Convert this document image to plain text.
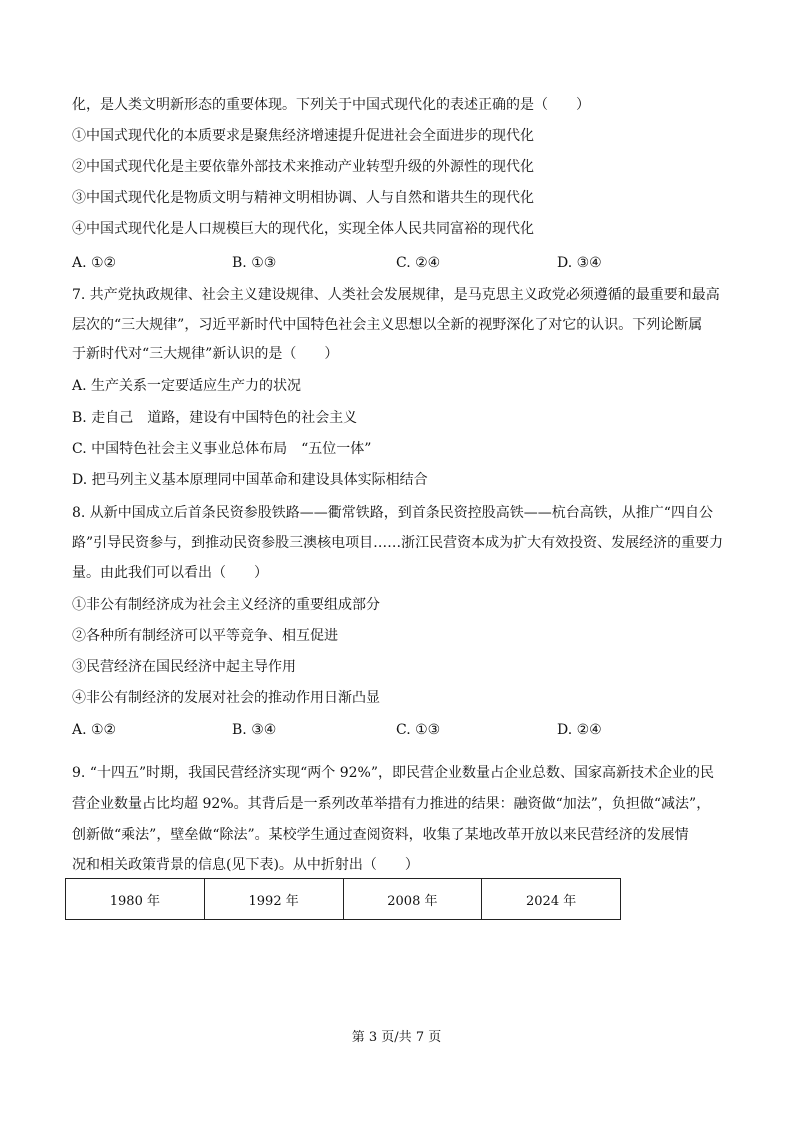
化，是人类文明新形态的重要体现。下列关于中国式现代化的表述正确的是（　　）
①中国式现代化的本质要求是聚焦经济增速提升促进社会全面进步的现代化
②中国式现代化是主要依靠外部技术来推动产业转型升级的外源性的现代化
③中国式现代化是物质文明与精神文明相协调、人与自然和谐共生的现代化
④中国式现代化是人口规模巨大的现代化，实现全体人民共同富裕的现代化
A. ①②	B. ①③	C. ②④	D. ③④
7. 共产党执政规律、社会主义建设规律、人类社会发展规律，是马克思主义政党必须遵循的最重要和最高
层次的“三大规律”，习近平新时代中国特色社会主义思想以全新的视野深化了对它的认识。下列论断属
于新时代对“三大规律”新认识的是（　　）
A. 生产关系一定要适应生产力的状况
B. 走自己　道路，建设有中国特色的社会主义
C. 中国特色社会主义事业总体布局　“五位一体”
D. 把马列主义基本原理同中国革命和建设具体实际相结合
8. 从新中国成立后首条民资参股铁路——衢常铁路，到首条民资控股高铁——杭台高铁，从推广“四自公
路”引导民资参与，到推动民资参股三澳核电项目……浙江民营资本成为扩大有效投资、发展经济的重要力
量。由此我们可以看出（　　）
①非公有制经济成为社会主义经济的重要组成部分
②各种所有制经济可以平等竞争、相互促进
③民营经济在国民经济中起主导作用
④非公有制经济的发展对社会的推动作用日渐凸显
A. ①②	B. ③④	C. ①③	D. ②④
9. “十四五”时期，我国民营经济实现“两个 92%”，即民营企业数量占企业总数、国家高新技术企业的民
营企业数量占比均超 92%。其背后是一系列改革举措有力推进的结果：融资做“加法”，负担做“减法”，
创新做“乘法”，壁垒做“除法”。某校学生通过查阅资料，收集了某地改革开放以来民营经济的发展情
况和相关政策背景的信息(见下表)。从中折射出（　　）
1980 年	1992 年	2008 年	2024 年
第 3 页/共 7 页
